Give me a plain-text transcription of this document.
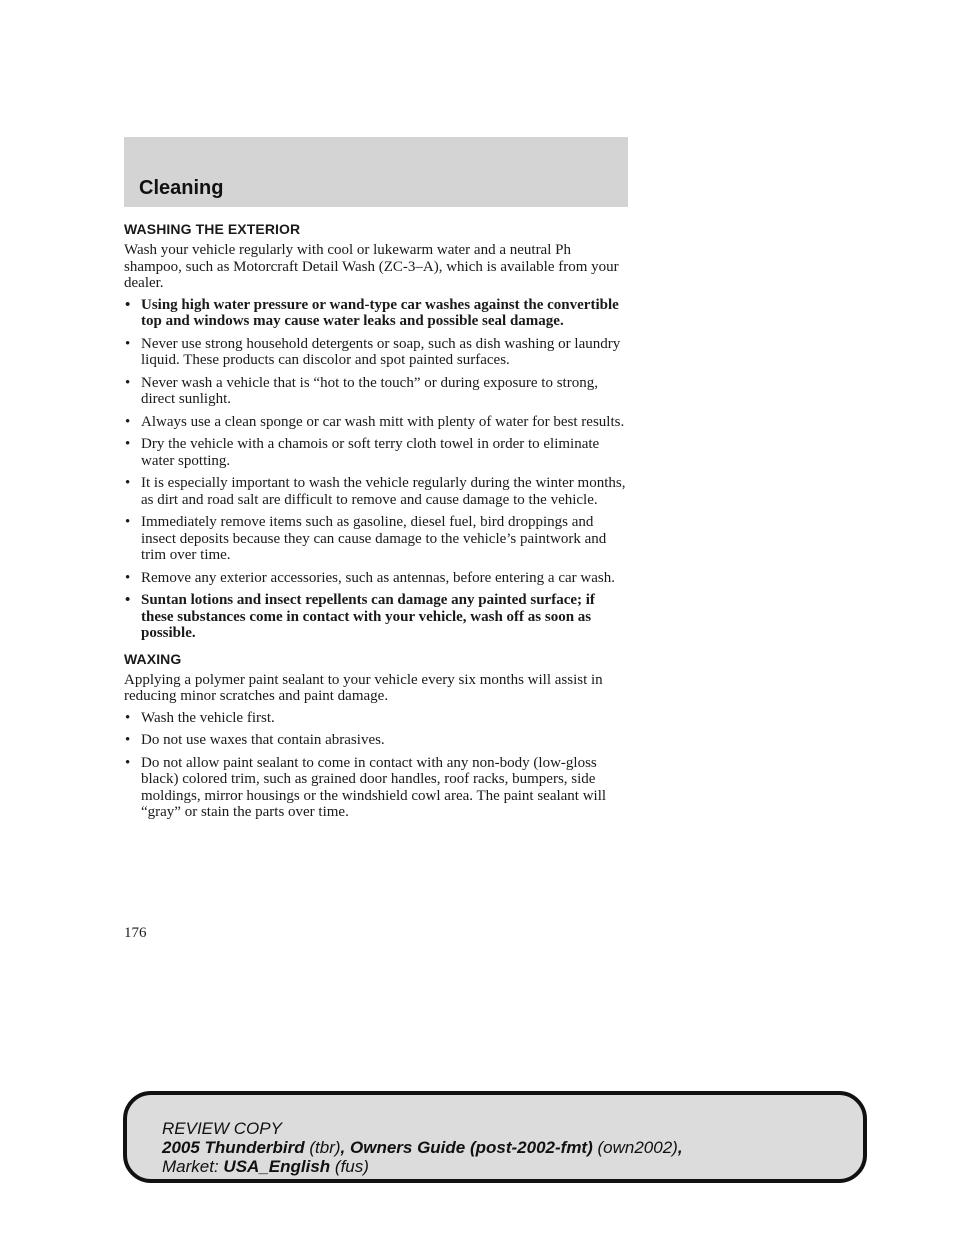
Cleaning
WASHING THE EXTERIOR

Wash your vehicle regularly with cool or lukewarm water and a neutral Ph shampoo, such as Motorcraft Detail Wash (ZC-3–A), which is available from your dealer.

• Using high water pressure or wand-type car washes against the convertible top and windows may cause water leaks and possible seal damage.
• Never use strong household detergents or soap, such as dish washing or laundry liquid. These products can discolor and spot painted surfaces.
• Never wash a vehicle that is “hot to the touch” or during exposure to strong, direct sunlight.
• Always use a clean sponge or car wash mitt with plenty of water for best results.
• Dry the vehicle with a chamois or soft terry cloth towel in order to eliminate water spotting.
• It is especially important to wash the vehicle regularly during the winter months, as dirt and road salt are difficult to remove and cause damage to the vehicle.
• Immediately remove items such as gasoline, diesel fuel, bird droppings and insect deposits because they can cause damage to the vehicle’s paintwork and trim over time.
• Remove any exterior accessories, such as antennas, before entering a car wash.
• Suntan lotions and insect repellents can damage any painted surface; if these substances come in contact with your vehicle, wash off as soon as possible.
WAXING

Applying a polymer paint sealant to your vehicle every six months will assist in reducing minor scratches and paint damage.

• Wash the vehicle first.
• Do not use waxes that contain abrasives.
• Do not allow paint sealant to come in contact with any non-body (low-gloss black) colored trim, such as grained door handles, roof racks, bumpers, side moldings, mirror housings or the windshield cowl area. The paint sealant will “gray” or stain the parts over time.
176
REVIEW COPY
2005 Thunderbird (tbr), Owners Guide (post-2002-fmt) (own2002),
Market: USA_English (fus)
